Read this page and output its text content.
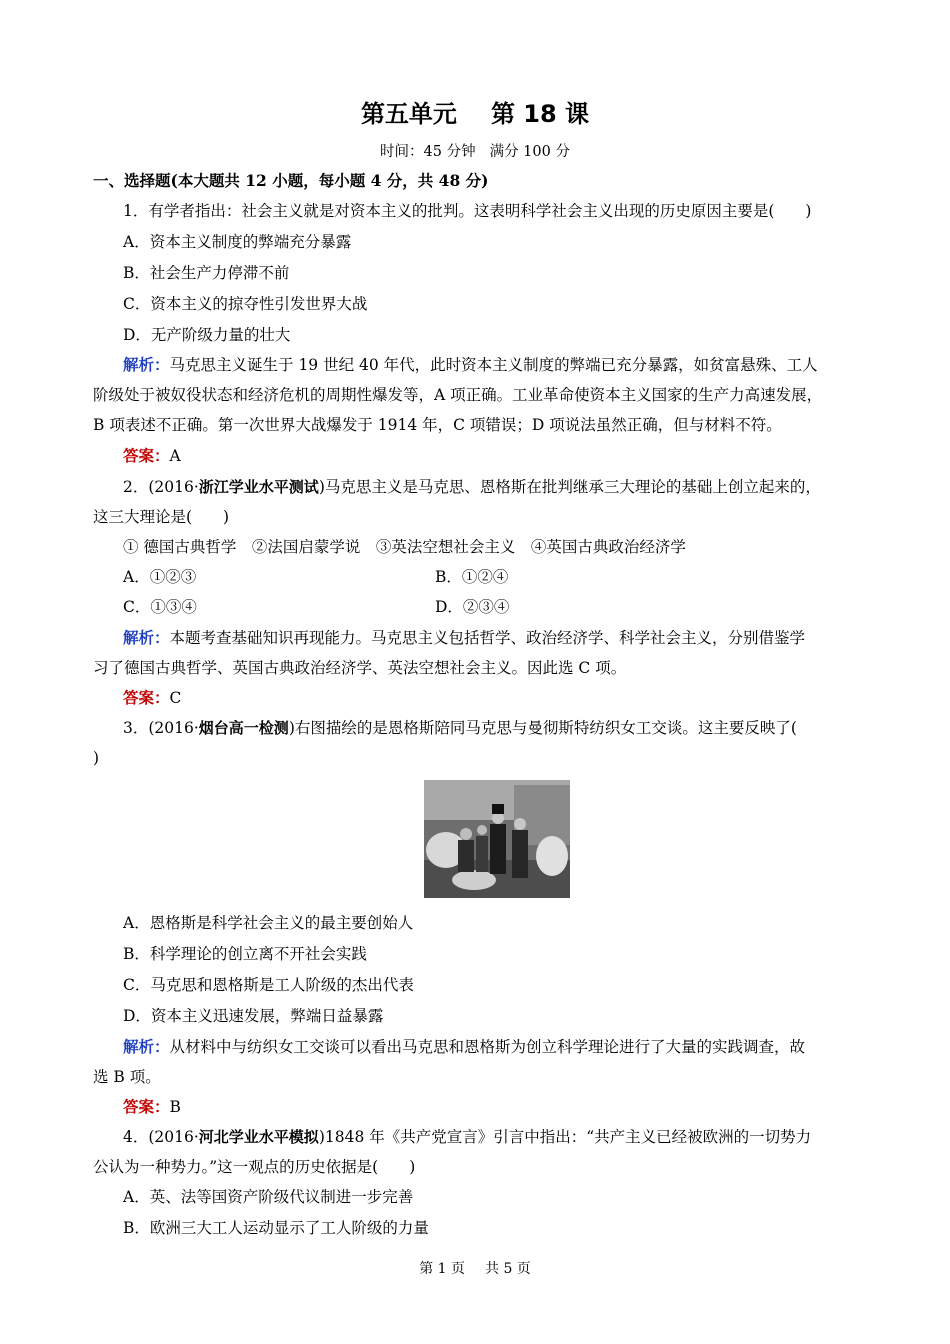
第五单元 第 18 课
时间：45 分钟 满分 100 分
一、选择题(本大题共 12 小题，每小题 4 分，共 48 分)
1．有学者指出：社会主义就是对资本主义的批判。这表明科学社会主义出现的历史原因主要是(　　)
A．资本主义制度的弊端充分暴露
B．社会生产力停滞不前
C．资本主义的掠夺性引发世界大战
D．无产阶级力量的壮大
解析：马克思主义诞生于 19 世纪 40 年代，此时资本主义制度的弊端已充分暴露，如贫富悬殊、工人
阶级处于被奴役状态和经济危机的周期性爆发等，A 项正确。工业革命使资本主义国家的生产力高速发展，
B 项表述不正确。第一次世界大战爆发于 1914 年，C 项错误；D 项说法虽然正确，但与材料不符。
答案：A
2．(2016·浙江学业水平测试)马克思主义是马克思、恩格斯在批判继承三大理论的基础上创立起来的，
这三大理论是(　　)
① 德国古典哲学　②法国启蒙学说　③英法空想社会主义　④英国古典政治经济学
A．①②③	B．①②④
C．①③④	D．②③④
解析：本题考查基础知识再现能力。马克思主义包括哲学、政治经济学、科学社会主义，分别借鉴学
习了德国古典哲学、英国古典政治经济学、英法空想社会主义。因此选 C 项。
答案：C
3．(2016·烟台高一检测)右图描绘的是恩格斯陪同马克思与曼彻斯特纺织女工交谈。这主要反映了(
)
A．恩格斯是科学社会主义的最主要创始人
B．科学理论的创立离不开社会实践
C．马克思和恩格斯是工人阶级的杰出代表
D．资本主义迅速发展，弊端日益暴露
解析：从材料中与纺织女工交谈可以看出马克思和恩格斯为创立科学理论进行了大量的实践调查，故
选 B 项。
答案：B
4．(2016·河北学业水平模拟)1848 年《共产党宣言》引言中指出：“共产主义已经被欧洲的一切势力
公认为一种势力。”这一观点的历史依据是(　　)
A．英、法等国资产阶级代议制进一步完善
B．欧洲三大工人运动显示了工人阶级的力量
第 1 页 共 5 页
